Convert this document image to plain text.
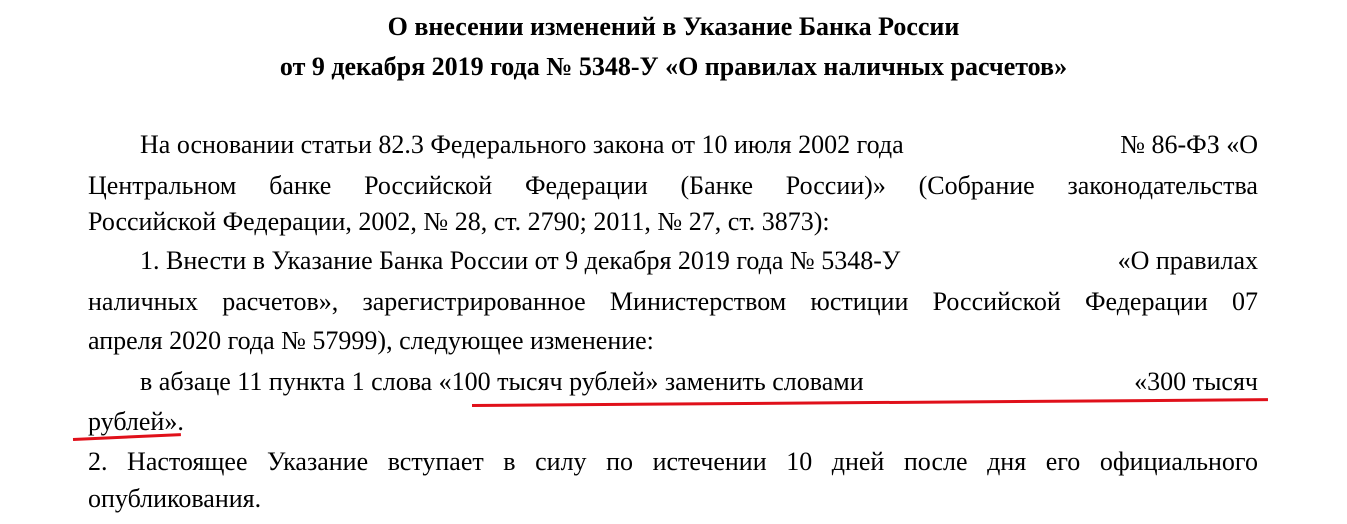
О внесении изменений в Указание Банка России
от 9 декабря 2019 года № 5348-У «О правилах наличных расчетов»
На основании статьи 82.3 Федерального закона от 10 июля 2002 года	№ 86-ФЗ «О
Центральном банке Российской Федерации (Банке России)» (Собрание законодательства
Российской Федерации, 2002, № 28, ст. 2790; 2011, № 27, ст. 3873):
1. Внести в Указание Банка России от 9 декабря 2019 года № 5348-У	«О правилах
наличных расчетов», зарегистрированное Министерством юстиции Российской Федерации 07
апреля 2020 года № 57999), следующее изменение:
в абзаце 11 пункта 1 слова «100 тысяч рублей» заменить словами	«300 тысяч
рублей».
2. Настоящее Указание вступает в силу по истечении 10 дней после дня его официального
опубликования.
